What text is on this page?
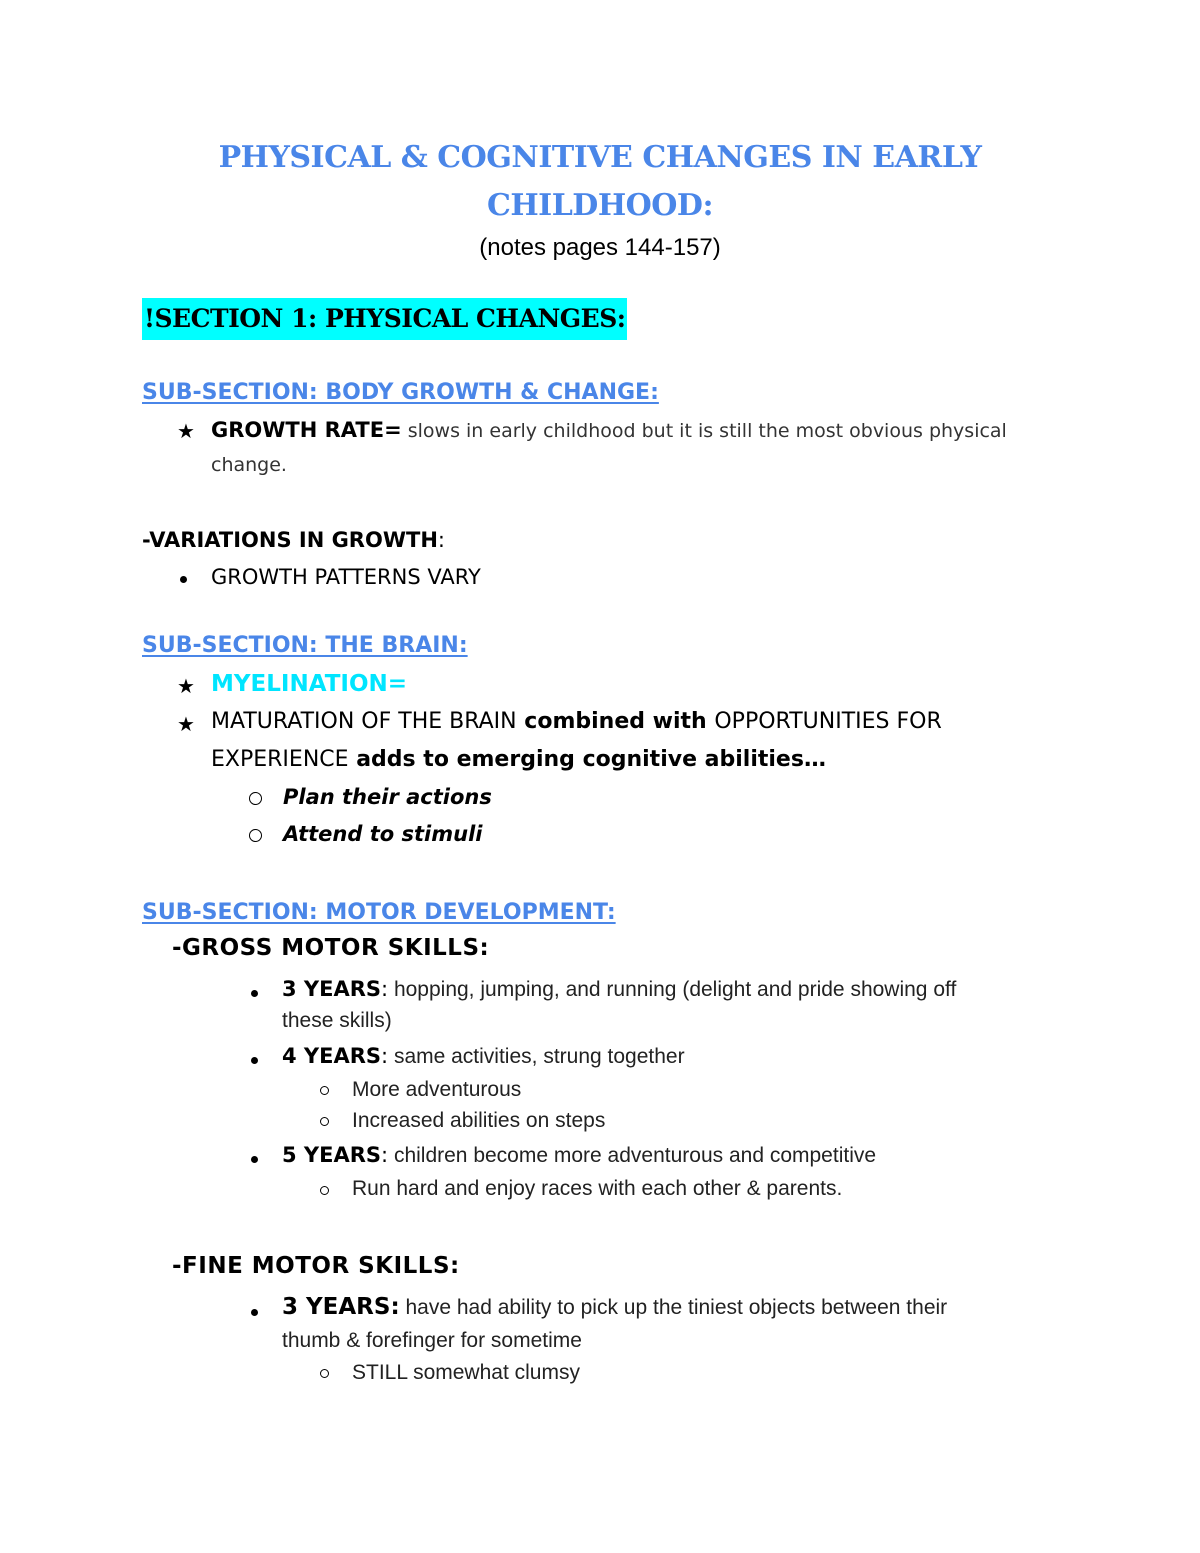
PHYSICAL & COGNITIVE CHANGES IN EARLY
CHILDHOOD:

(notes pages 144-157)

!SECTION 1: PHYSICAL CHANGES:
SUB-SECTION: BODY GROWTH & CHANGE:
★ GROWTH RATE= slows in early childhood but it is still the most obvious physical
change.
-VARIATIONS IN GROWTH:
GROWTH PATTERNS VARY
SUB-SECTION: THE BRAIN:
★ MYELINATION=
★ MATURATION OF THE BRAIN combined with OPPORTUNITIES FOR
EXPERIENCE adds to emerging cognitive abilities…
Plan their actions
Attend to stimuli
SUB-SECTION: MOTOR DEVELOPMENT:
-GROSS MOTOR SKILLS:
3 YEARS: hopping, jumping, and running (delight and pride showing off
these skills)
4 YEARS: same activities, strung together
More adventurous
Increased abilities on steps
5 YEARS: children become more adventurous and competitive
Run hard and enjoy races with each other & parents.
-FINE MOTOR SKILLS:
3 YEARS: have had ability to pick up the tiniest objects between their
thumb & forefinger for sometime
STILL somewhat clumsy
